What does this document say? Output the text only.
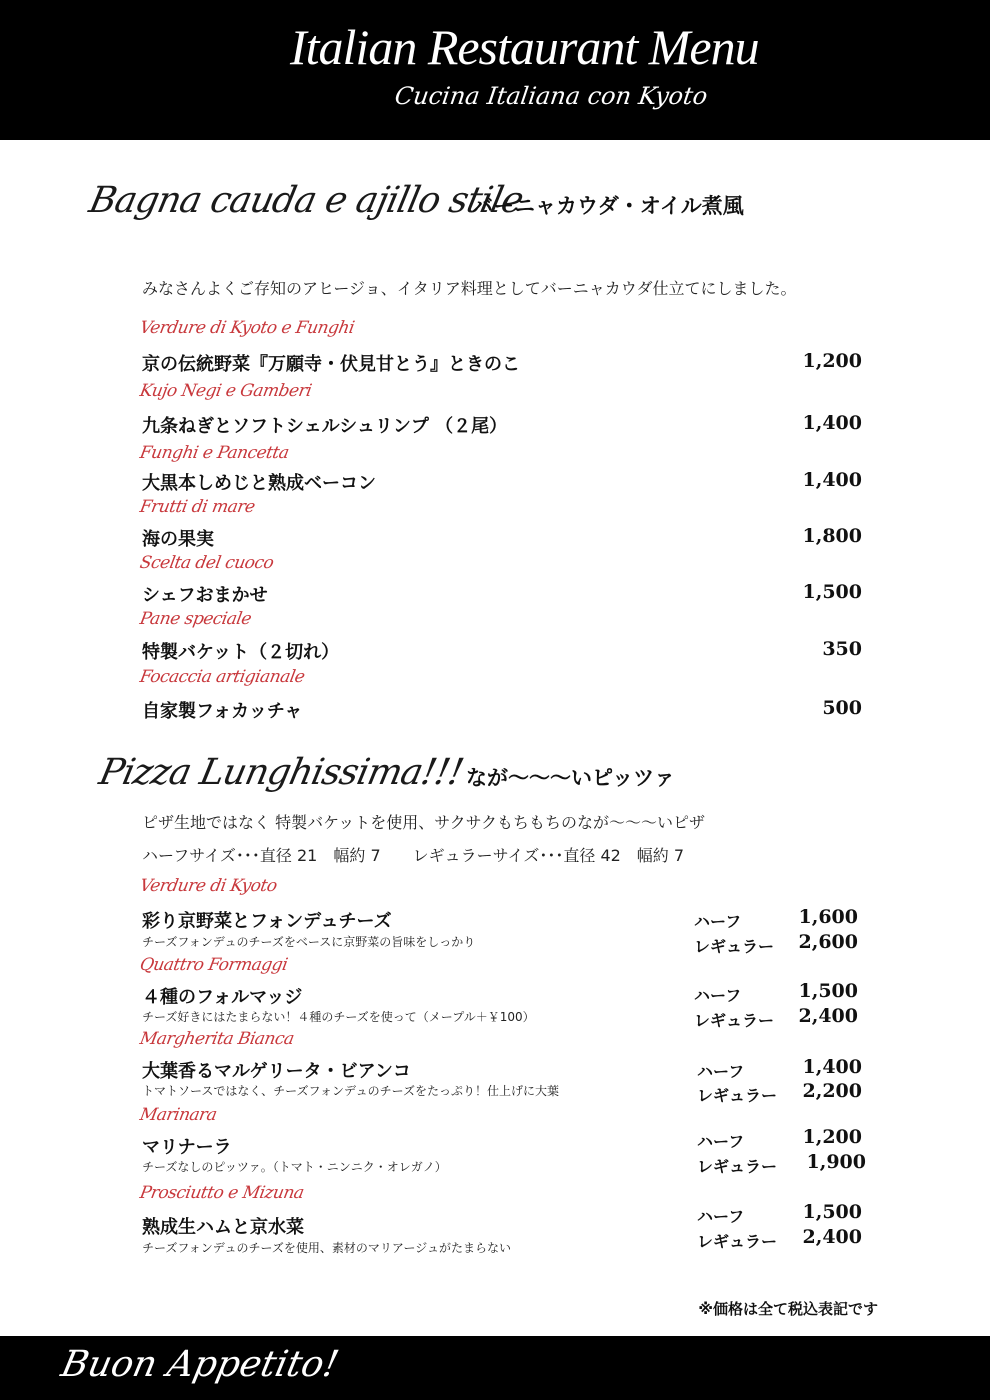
Italian Restaurant Menu
Cucina Italiana con Kyoto
Bagna cauda e ajillo stile
バーニャカウダ・オイル煮風
みなさんよくご存知のアヒージョ、イタリア料理としてバーニャカウダ仕立てにしました。
Verdure di Kyoto e Funghi
京の伝統野菜『万願寺・伏見甘とう』ときのこ	1,200
Kujo Negi e Gamberi
九条ねぎとソフトシェルシュリンプ （２尾）	1,400
Funghi e Pancetta
大黒本しめじと熟成ベーコン	1,400
Frutti di mare
海の果実	1,800
Scelta del cuoco
シェフおまかせ	1,500
Pane speciale
特製バケット（２切れ）	350
Focaccia artigianale
自家製フォカッチャ	500
Pizza Lunghissima!!! なが〜〜〜いピッツァ
ピザ生地ではなく 特製バケットを使用、サクサクもちもちのなが〜〜〜いピザ
ハーフサイズ･･･直径 21　幅約 7　　レギュラーサイズ･･･直径 42　幅約 7
Verdure di Kyoto
彩り京野菜とフォンデュチーズ
チーズフォンデュのチーズをベースに京野菜の旨味をしっかり
ハーフ	1,600
レギュラー	2,600
Quattro Formaggi
４種のフォルマッジ
チーズ好きにはたまらない！４種のチーズを使って（メープル＋￥100）
ハーフ	1,500
レギュラー	2,400
Margherita Bianca
大葉香るマルゲリータ・ビアンコ
トマトソースではなく、チーズフォンデュのチーズをたっぷり！仕上げに大葉
ハーフ	1,400
レギュラー	2,200
Marinara
マリナーラ
チーズなしのピッツァ。（トマト・ニンニク・オレガノ）
ハーフ	1,200
レギュラー	1,900
Prosciutto e Mizuna
熟成生ハムと京水菜
チーズフォンデュのチーズを使用、素材のマリアージュがたまらない
ハーフ	1,500
レギュラー	2,400
※価格は全て税込表記です
Buon Appetito!
